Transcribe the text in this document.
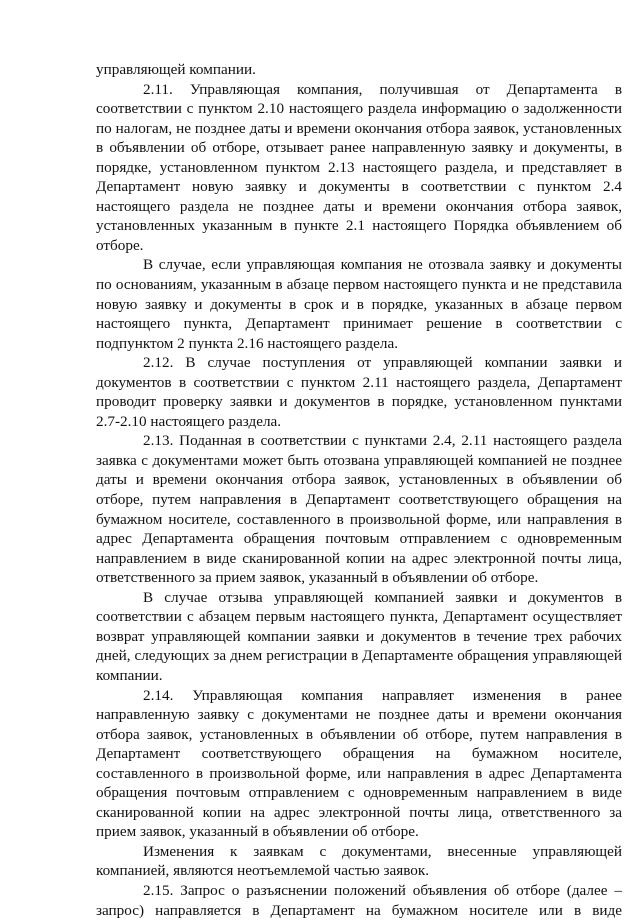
управляющей компании.

2.11. Управляющая компания, получившая от Департамента в соответствии с пунктом 2.10 настоящего раздела информацию о задолженности по налогам, не позднее даты и времени окончания отбора заявок, установленных в объявлении об отборе, отзывает ранее направленную заявку и документы, в порядке, установленном пунктом 2.13 настоящего раздела, и представляет в Департамент новую заявку и документы в соответствии с пунктом 2.4 настоящего раздела не позднее даты и времени окончания отбора заявок, установленных указанным в пункте 2.1 настоящего Порядка объявлением об отборе.

В случае, если управляющая компания не отозвала заявку и документы по основаниям, указанным в абзаце первом настоящего пункта и не представила новую заявку и документы в срок и в порядке, указанных в абзаце первом настоящего пункта, Департамент принимает решение в соответствии с подпунктом 2 пункта 2.16 настоящего раздела.

2.12. В случае поступления от управляющей компании заявки и документов в соответствии с пунктом 2.11 настоящего раздела, Департамент проводит проверку заявки и документов в порядке, установленном пунктами 2.7-2.10 настоящего раздела.

2.13. Поданная в соответствии с пунктами 2.4, 2.11 настоящего раздела заявка с документами может быть отозвана управляющей компанией не позднее даты и времени окончания отбора заявок, установленных в объявлении об отборе, путем направления в Департамент соответствующего обращения на бумажном носителе, составленного в произвольной форме, или направления в адрес Департамента обращения почтовым отправлением с одновременным направлением в виде сканированной копии на адрес электронной почты лица, ответственного за прием заявок, указанный в объявлении об отборе.

В случае отзыва управляющей компанией заявки и документов в соответствии с абзацем первым настоящего пункта, Департамент осуществляет возврат управляющей компании заявки и документов в течение трех рабочих дней, следующих за днем регистрации в Департаменте обращения управляющей компании.

2.14. Управляющая компания направляет изменения в ранее направленную заявку с документами не позднее даты и времени окончания отбора заявок, установленных в объявлении об отборе, путем направления в Департамент соответствующего обращения на бумажном носителе, составленного в произвольной форме, или направления в адрес Департамента обращения почтовым отправлением с одновременным направлением в виде сканированной копии на адрес электронной почты лица, ответственного за прием заявок, указанный в объявлении об отборе.

Изменения к заявкам с документами, внесенные управляющей компанией, являются неотъемлемой частью заявок.

2.15. Запрос о разъяснении положений объявления об отборе (далее – запрос) направляется в Департамент на бумажном носителе или в виде
